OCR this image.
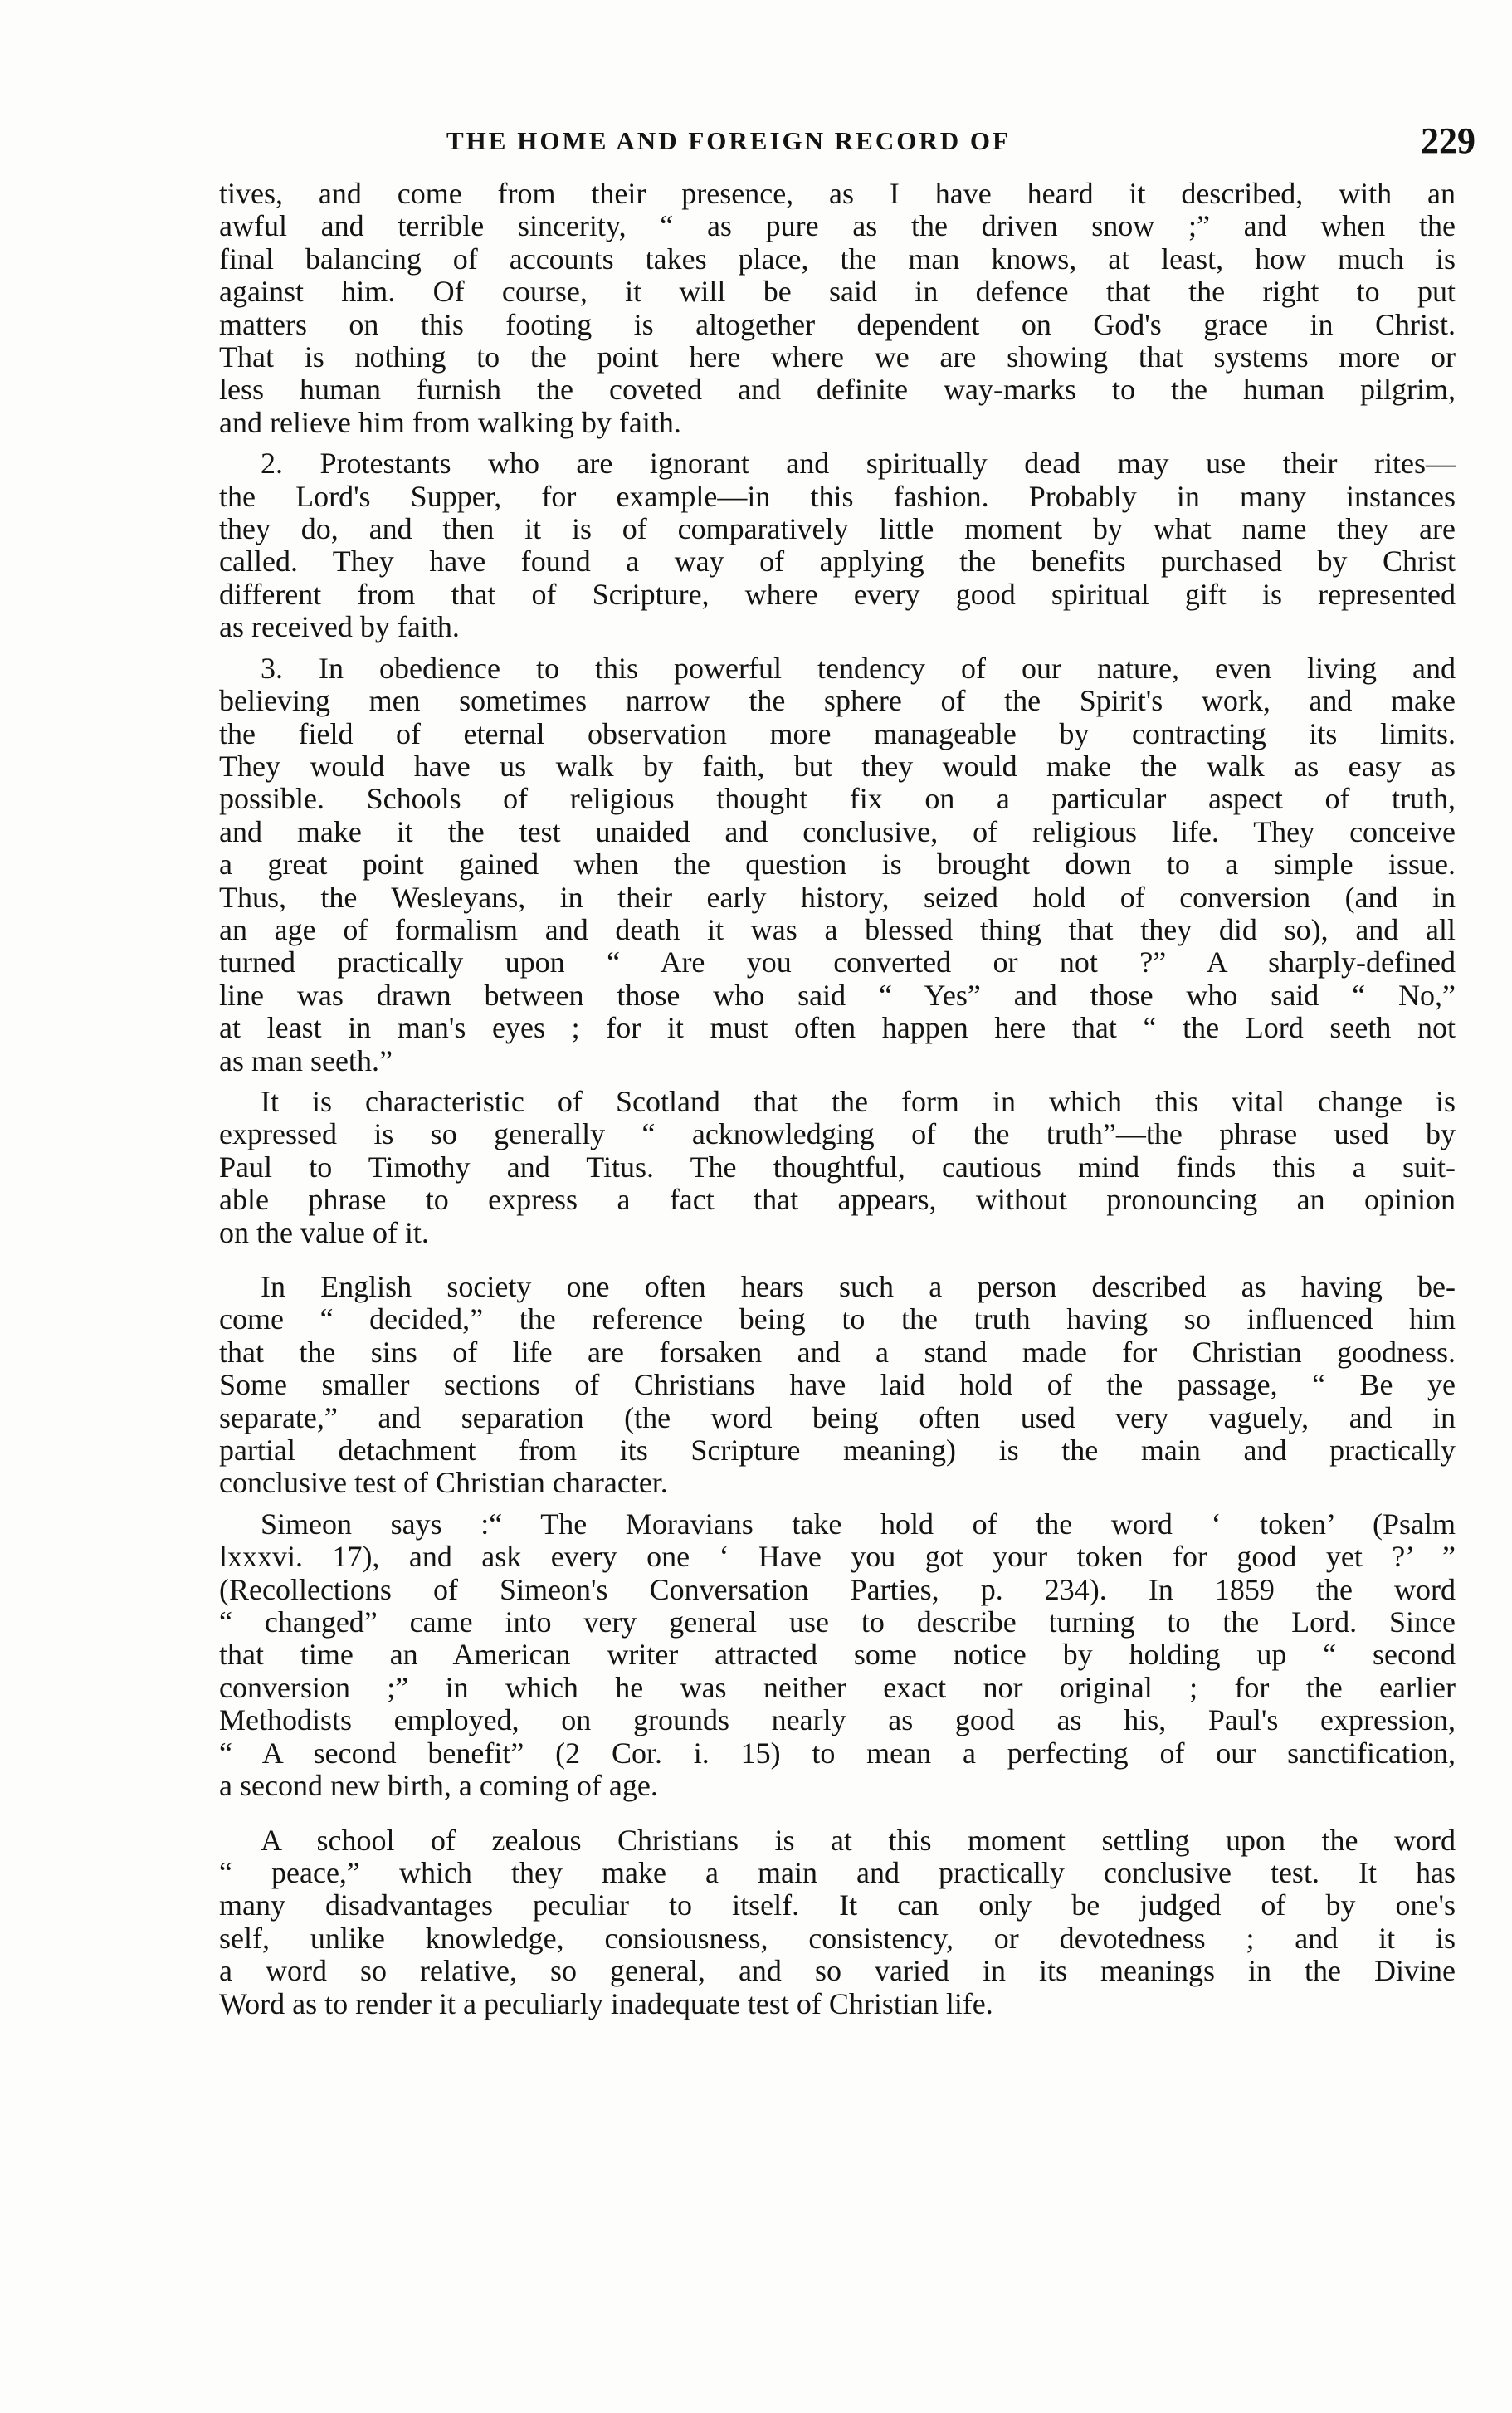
THE HOME AND FOREIGN RECORD OF	229
tives, and come from their presence, as I have heard it described, with an
awful and terrible sincerity, “ as pure as the driven snow ;” and when the
final balancing of accounts takes place, the man knows, at least, how much is
against him. Of course, it will be said in defence that the right to put
matters on this footing is altogether dependent on God's grace in Christ.
That is nothing to the point here where we are showing that systems more or
less human furnish the coveted and definite way-marks to the human pilgrim,
and relieve him from walking by faith.
2. Protestants who are ignorant and spiritually dead may use their rites—
the Lord's Supper, for example—in this fashion. Probably in many instances
they do, and then it is of comparatively little moment by what name they are
called. They have found a way of applying the benefits purchased by Christ
different from that of Scripture, where every good spiritual gift is represented
as received by faith.
3. In obedience to this powerful tendency of our nature, even living and
believing men sometimes narrow the sphere of the Spirit's work, and make
the field of eternal observation more manageable by contracting its limits.
They would have us walk by faith, but they would make the walk as easy as
possible. Schools of religious thought fix on a particular aspect of truth,
and make it the test unaided and conclusive, of religious life. They conceive
a great point gained when the question is brought down to a simple issue.
Thus, the Wesleyans, in their early history, seized hold of conversion (and in
an age of formalism and death it was a blessed thing that they did so), and all
turned practically upon “ Are you converted or not ?” A sharply-defined
line was drawn between those who said “ Yes” and those who said “ No,”
at least in man's eyes ; for it must often happen here that “ the Lord seeth not
as man seeth.”
It is characteristic of Scotland that the form in which this vital change is
expressed is so generally “ acknowledging of the truth”—the phrase used by
Paul to Timothy and Titus. The thoughtful, cautious mind finds this a suit-
able phrase to express a fact that appears, without pronouncing an opinion
on the value of it.
In English society one often hears such a person described as having be-
come “ decided,” the reference being to the truth having so influenced him
that the sins of life are forsaken and a stand made for Christian goodness.
Some smaller sections of Christians have laid hold of the passage, “ Be ye
separate,” and separation (the word being often used very vaguely, and in
partial detachment from its Scripture meaning) is the main and practically
conclusive test of Christian character.
Simeon says :“ The Moravians take hold of the word ‘ token’ (Psalm
lxxxvi. 17), and ask every one ‘ Have you got your token for good yet ?’ ”
(Recollections of Simeon's Conversation Parties, p. 234). In 1859 the word
“ changed” came into very general use to describe turning to the Lord. Since
that time an American writer attracted some notice by holding up “ second
conversion ;” in which he was neither exact nor original ; for the earlier
Methodists employed, on grounds nearly as good as his, Paul's expression,
“ A second benefit” (2 Cor. i. 15) to mean a perfecting of our sanctification,
a second new birth, a coming of age.
A school of zealous Christians is at this moment settling upon the word
“ peace,” which they make a main and practically conclusive test. It has
many disadvantages peculiar to itself. It can only be judged of by one's
self, unlike knowledge, consiousness, consistency, or devotedness ; and it is
a word so relative, so general, and so varied in its meanings in the Divine
Word as to render it a peculiarly inadequate test of Christian life.
